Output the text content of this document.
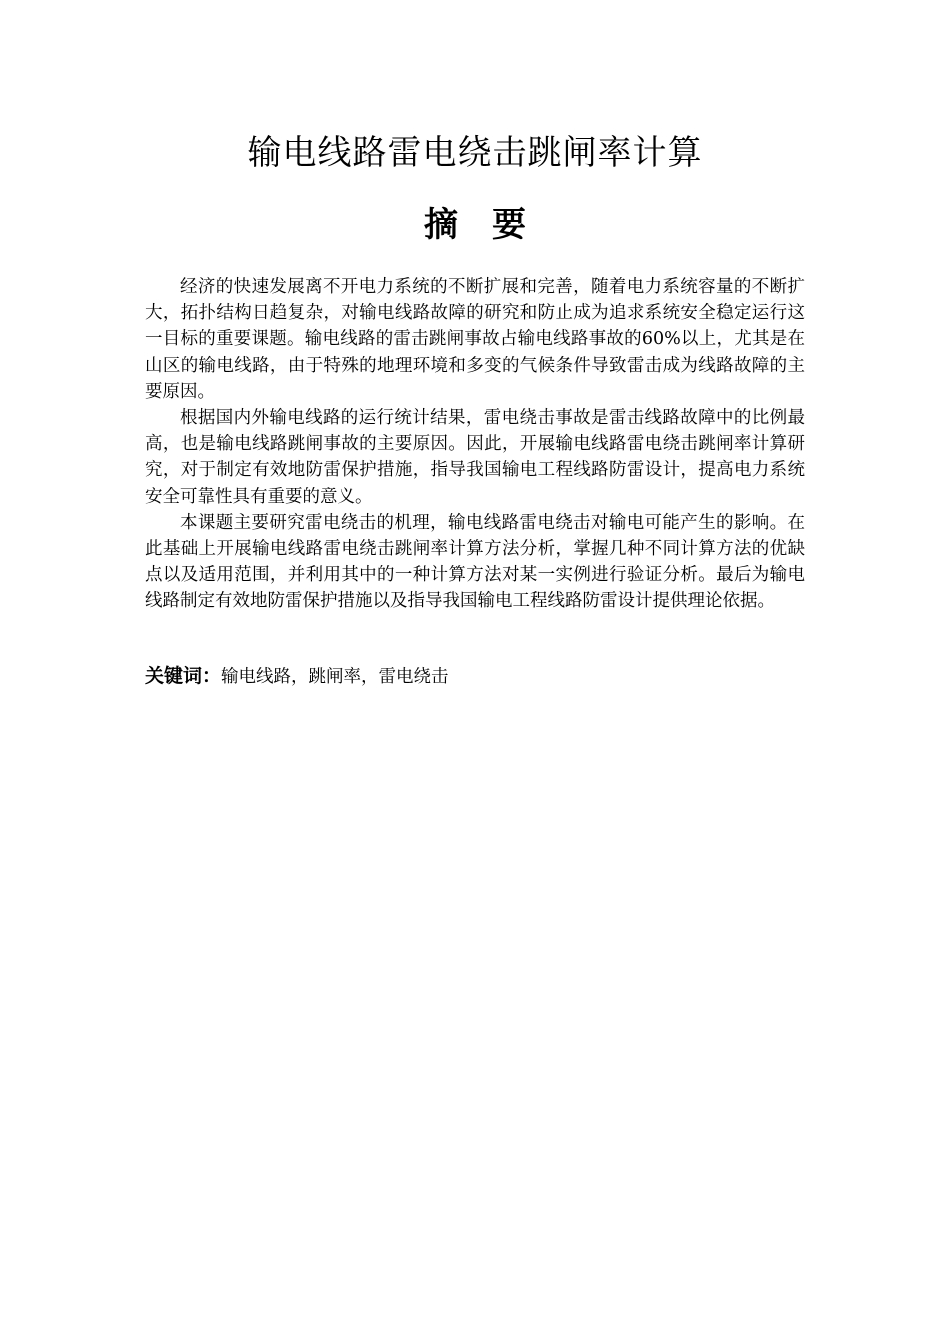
输电线路雷电绕击跳闸率计算
摘 要

经济的快速发展离不开电力系统的不断扩展和完善，随着电力系统容量的不断扩大，拓扑结构日趋复杂，对输电线路故障的研究和防止成为追求系统安全稳定运行这一目标的重要课题。输电线路的雷击跳闸事故占输电线路事故的60%以上，尤其是在山区的输电线路，由于特殊的地理环境和多变的气候条件导致雷击成为线路故障的主要原因。

根据国内外输电线路的运行统计结果，雷电绕击事故是雷击线路故障中的比例最高，也是输电线路跳闸事故的主要原因。因此，开展输电线路雷电绕击跳闸率计算研究，对于制定有效地防雷保护措施，指导我国输电工程线路防雷设计，提高电力系统安全可靠性具有重要的意义。

本课题主要研究雷电绕击的机理，输电线路雷电绕击对输电可能产生的影响。在此基础上开展输电线路雷电绕击跳闸率计算方法分析，掌握几种不同计算方法的优缺点以及适用范围，并利用其中的一种计算方法对某一实例进行验证分析。最后为输电线路制定有效地防雷保护措施以及指导我国输电工程线路防雷设计提供理论依据。

关键词：输电线路，跳闸率，雷电绕击
